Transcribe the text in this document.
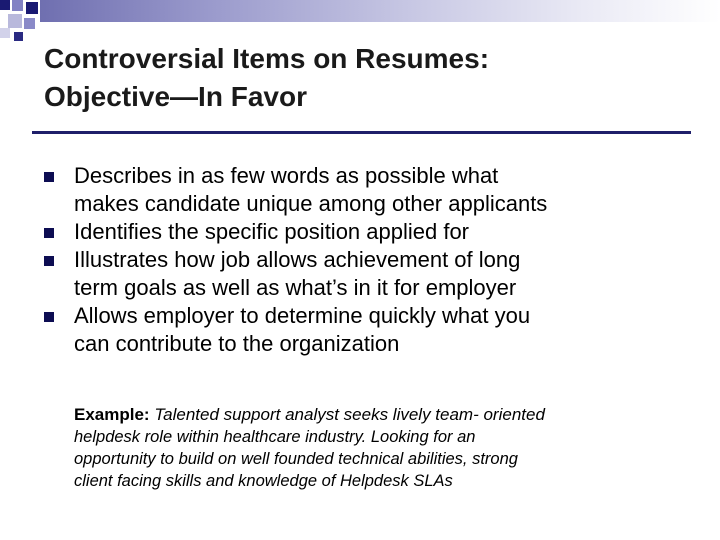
Controversial Items on Resumes:
Objective—In Favor
Describes in as few words as possible what
makes candidate unique among other applicants
Identifies the specific position applied for
Illustrates how job allows achievement of long
term goals as well as what’s in it for employer
Allows employer to determine quickly what you
can contribute to the organization
Example: Talented support analyst seeks lively team- oriented
helpdesk role within healthcare industry. Looking for an
opportunity to build on well founded technical abilities, strong
client facing skills and knowledge of Helpdesk SLAs
